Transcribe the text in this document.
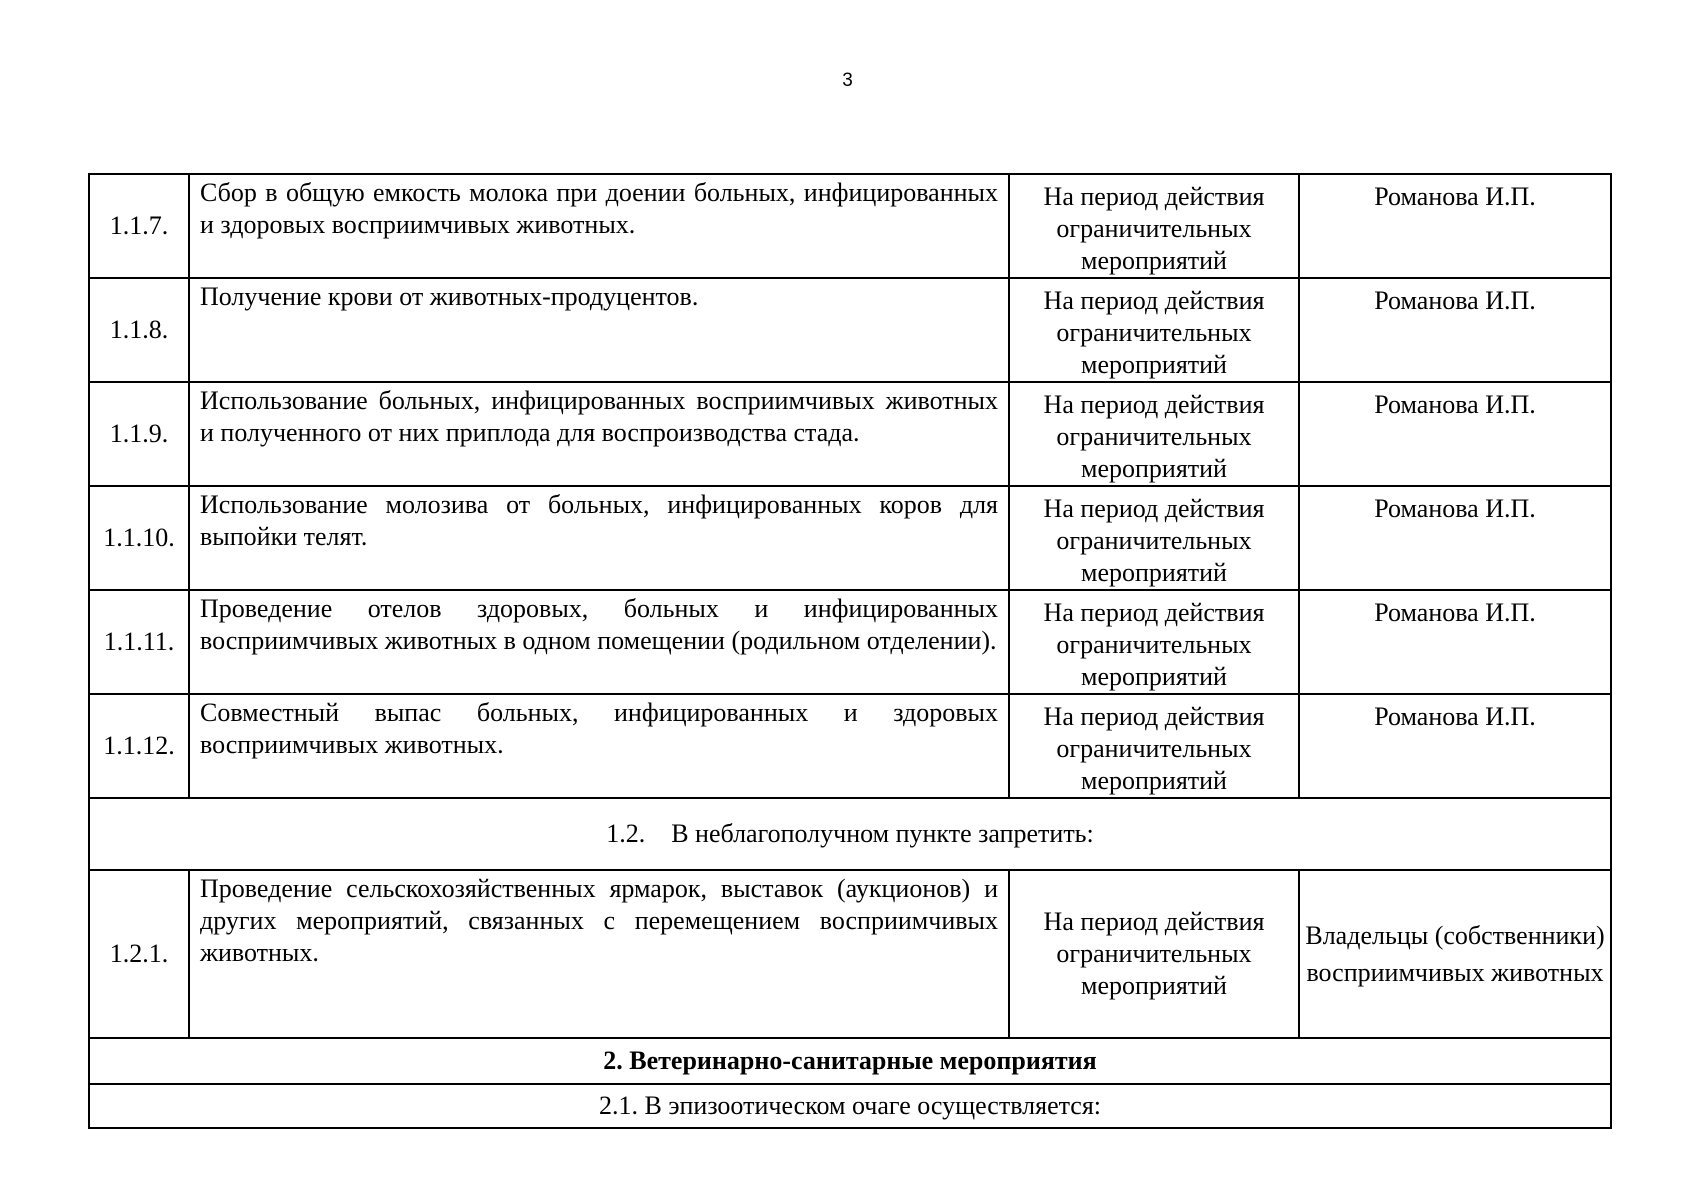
3
1.1.7.	Сбор в общую емкость молока при доении больных, инфицированных и здоровых восприимчивых животных.	На период действия ограничительных мероприятий	Романова И.П.
1.1.8.	Получение крови от животных-продуцентов.	На период действия ограничительных мероприятий	Романова И.П.
1.1.9.	Использование больных, инфицированных восприимчивых животных и полученного от них приплода для воспроизводства стада.	На период действия ограничительных мероприятий	Романова И.П.
1.1.10.	Использование молозива от больных, инфицированных коров для выпойки телят.	На период действия ограничительных мероприятий	Романова И.П.
1.1.11.	Проведение отелов здоровых, больных и инфицированных восприимчивых животных в одном помещении (родильном отделении).	На период действия ограничительных мероприятий	Романова И.П.
1.1.12.	Совместный выпас больных, инфицированных и здоровых восприимчивых животных.	На период действия ограничительных мероприятий	Романова И.П.
1.2.    В неблагополучном пункте запретить:			
1.2.1.	Проведение сельскохозяйственных ярмарок, выставок (аукционов) и других мероприятий, связанных с перемещением восприимчивых животных.	На период действия ограничительных мероприятий	Владельцы (собственники) восприимчивых животных
2. Ветеринарно-санитарные мероприятия			
2.1. В эпизоотическом очаге осуществляется:			
